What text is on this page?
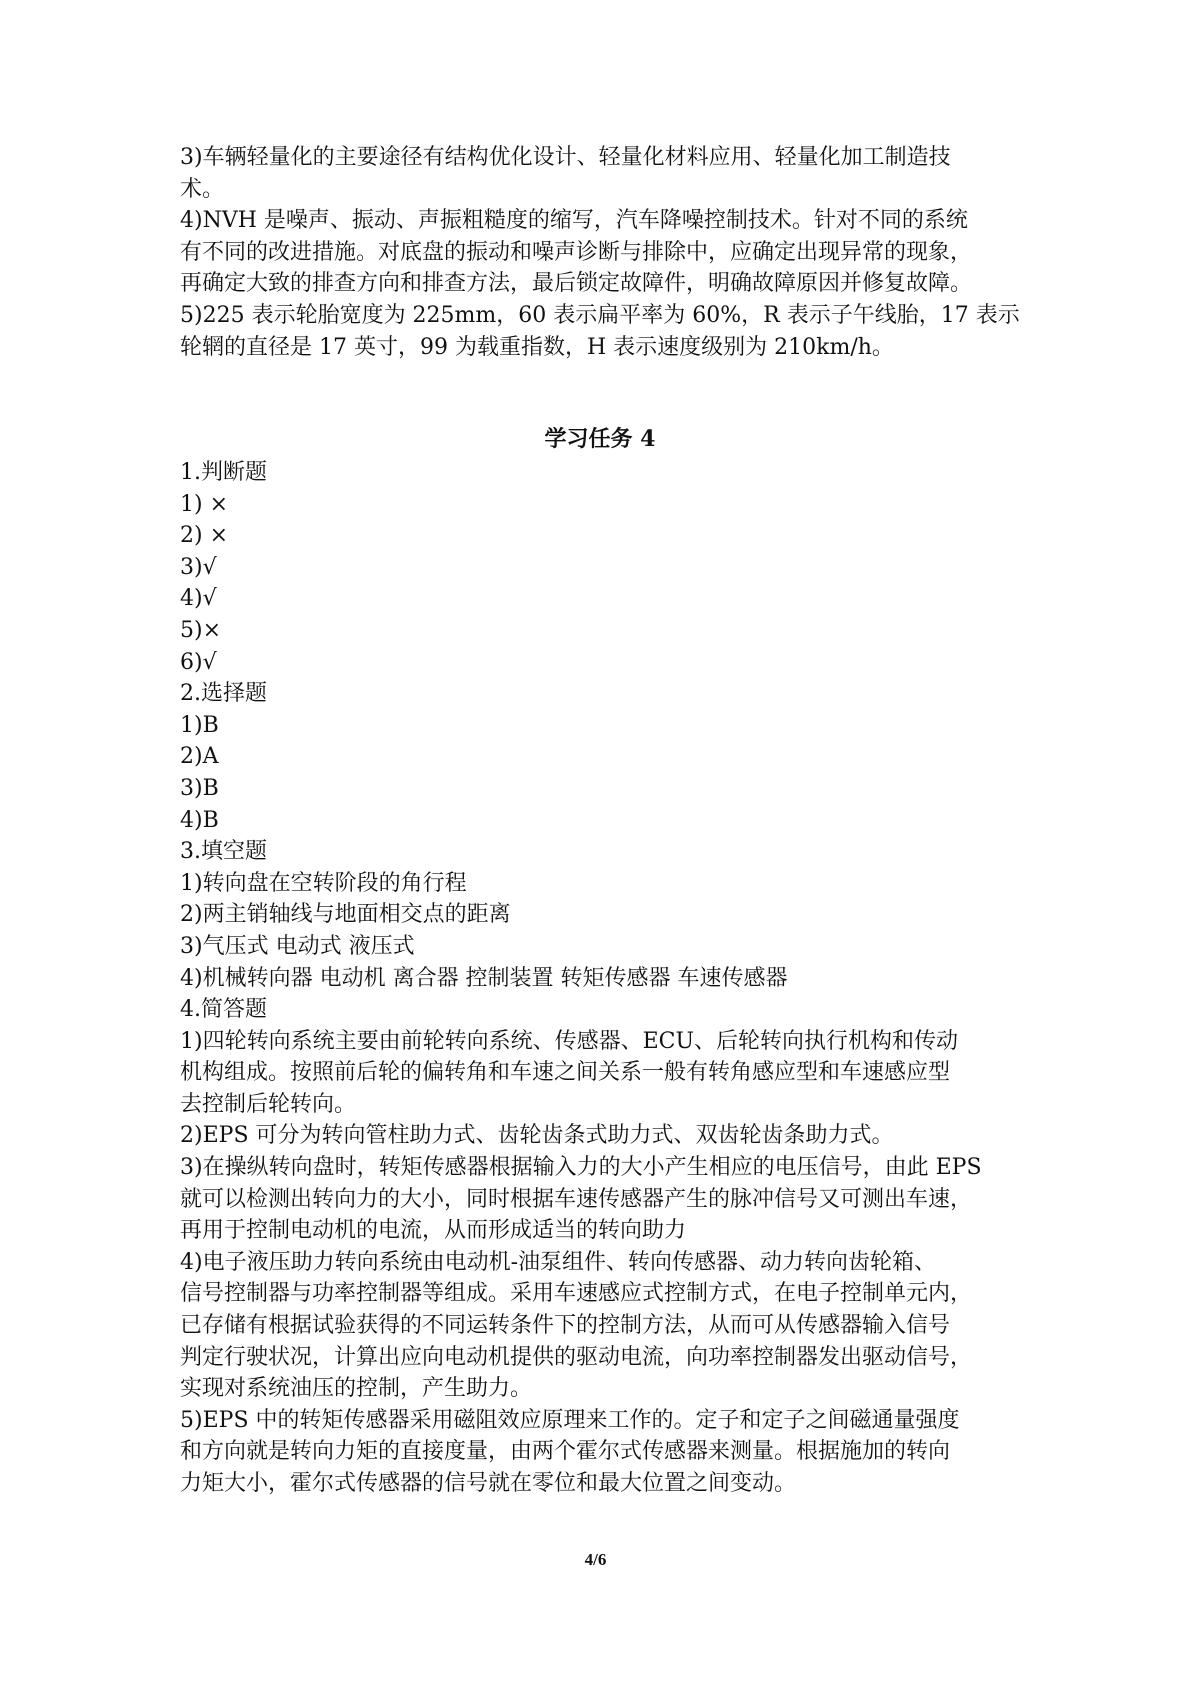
3)车辆轻量化的主要途径有结构优化设计、轻量化材料应用、轻量化加工制造技

术。

4)NVH 是噪声、振动、声振粗糙度的缩写，汽车降噪控制技术。针对不同的系统

有不同的改进措施。对底盘的振动和噪声诊断与排除中，应确定出现异常的现象，

再确定大致的排查方向和排查方法，最后锁定故障件，明确故障原因并修复故障。

5)225 表示轮胎宽度为 225mm，60 表示扁平率为 60%，R 表示子午线胎，17 表示

轮辋的直径是 17 英寸，99 为载重指数，H 表示速度级别为 210km/h。

学习任务 4

1.判断题

1) ×

2) ×

3)√

4)√

5)×

6)√

2.选择题

1)B

2)A

3)B

4)B

3.填空题

1)转向盘在空转阶段的角行程

2)两主销轴线与地面相交点的距离

3)气压式 电动式 液压式

4)机械转向器 电动机 离合器 控制装置 转矩传感器 车速传感器

4.简答题

1)四轮转向系统主要由前轮转向系统、传感器、ECU、后轮转向执行机构和传动

机构组成。按照前后轮的偏转角和车速之间关系一般有转角感应型和车速感应型

去控制后轮转向。

2)EPS 可分为转向管柱助力式、齿轮齿条式助力式、双齿轮齿条助力式。

3)在操纵转向盘时，转矩传感器根据输入力的大小产生相应的电压信号，由此 EPS

就可以检测出转向力的大小，同时根据车速传感器产生的脉冲信号又可测出车速，

再用于控制电动机的电流，从而形成适当的转向助力

4)电子液压助力转向系统由电动机-油泵组件、转向传感器、动力转向齿轮箱、

信号控制器与功率控制器等组成。采用车速感应式控制方式，在电子控制单元内，

已存储有根据试验获得的不同运转条件下的控制方法，从而可从传感器输入信号

判定行驶状况，计算出应向电动机提供的驱动电流，向功率控制器发出驱动信号，

实现对系统油压的控制，产生助力。

5)EPS 中的转矩传感器采用磁阻效应原理来工作的。定子和定子之间磁通量强度

和方向就是转向力矩的直接度量，由两个霍尔式传感器来测量。根据施加的转向

力矩大小，霍尔式传感器的信号就在零位和最大位置之间变动。

4/6
